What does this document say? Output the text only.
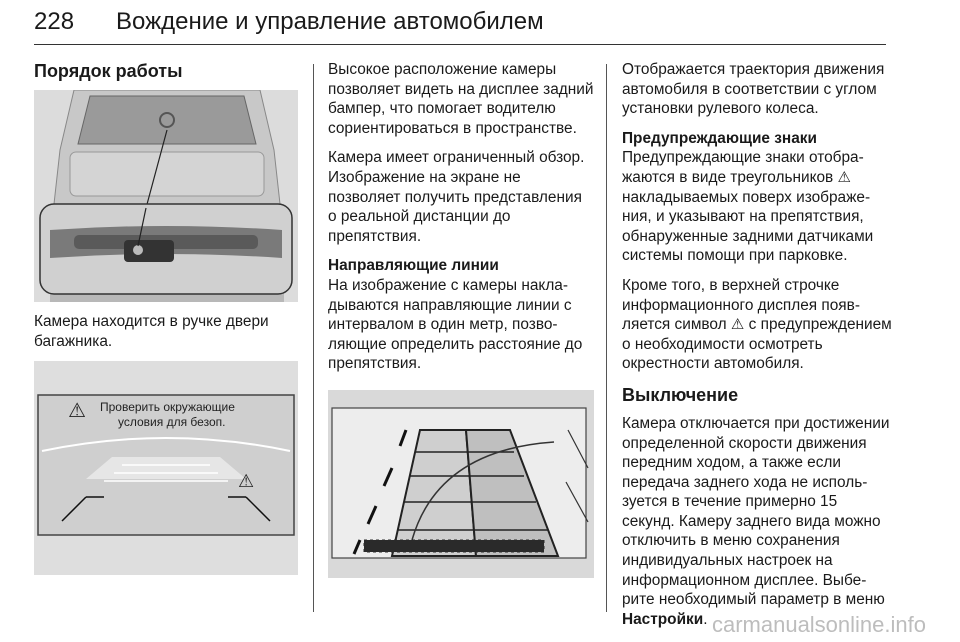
228 Вождение и управление автомобилем
Порядок работы

Камера находится в ручке двери багажника.

⚠ Проверить окружающие
условия для безоп.
⚠

Высокое расположение камеры позволяет видеть на дисплее задний бампер, что помогает водителю сориентироваться в пространстве.

Камера имеет ограниченный обзор. Изображение на экране не позволяет получить представления о реальной дистанции до препятствия.

Направляющие линии

На изображение с камеры накладываются направляющие линии с интервалом в один метр, позволяющие определить расстояние до препятствия.

Отображается траектория движения автомобиля в соответствии с углом установки рулевого колеса.

Предупреждающие знаки

Предупреждающие знаки отображаются в виде треугольников ⚠ накладываемых поверх изображения, и указывают на препятствия, обнаруженные задними датчиками системы помощи при парковке.

Кроме того, в верхней строчке информационного дисплея появляется символ ⚠ с предупреждением о необходимости осмотреть окрестности автомобиля.

Выключение

Камера отключается при достижении определенной скорости движения передним ходом, а также если передача заднего хода не используется в течение примерно 15 секунд. Камеру заднего вида можно отключить в меню сохранения индивидуальных настроек на информационном дисплее. Выберите необходимый параметр в меню Настройки. carmanualsonline.info
